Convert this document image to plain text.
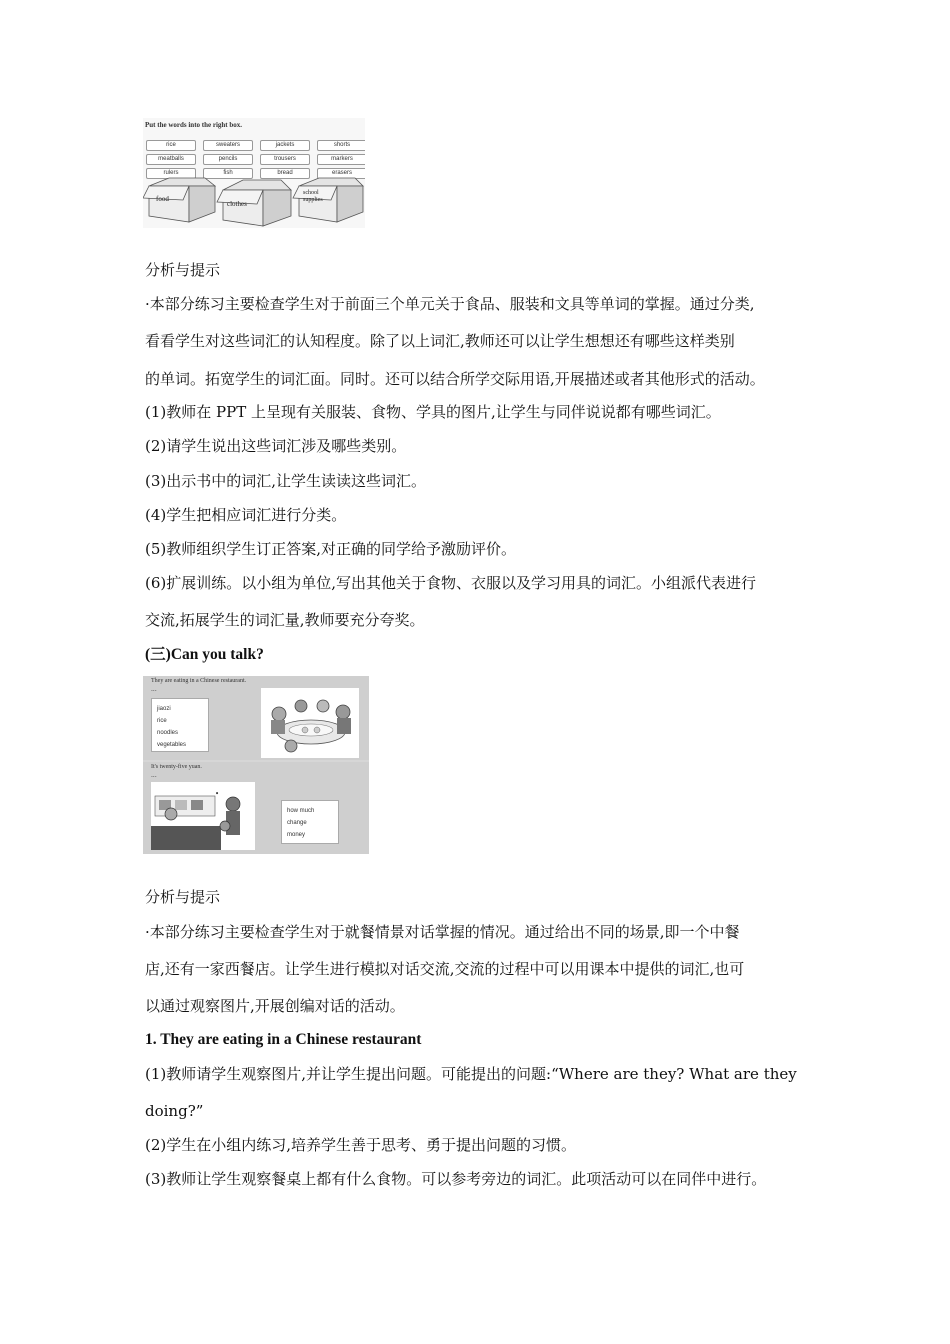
Put the words into the right box.
rice	sweaters	jackets	shorts
meatballs	pencils	trousers	markers
rulers	fish	bread	erasers
food
clothes
school
supplies
分析与提示
·本部分练习主要检查学生对于前面三个单元关于食品、服装和文具等单词的掌握。通过分类,
看看学生对这些词汇的认知程度。除了以上词汇,教师还可以让学生想想还有哪些这样类别
的单词。拓宽学生的词汇面。同时。还可以结合所学交际用语,开展描述或者其他形式的活动。
(1)教师在 PPT 上呈现有关服装、食物、学具的图片,让学生与同伴说说都有哪些词汇。
(2)请学生说出这些词汇涉及哪些类别。
(3)出示书中的词汇,让学生读读这些词汇。
(4)学生把相应词汇进行分类。
(5)教师组织学生订正答案,对正确的同学给予激励评价。
(6)扩展训练。以小组为单位,写出其他关于食物、衣服以及学习用具的词汇。小组派代表进行
交流,拓展学生的词汇量,教师要充分夸奖。
(三)Can you talk?
They are eating in a Chinese restaurant.
...
jiaozi
rice
noodles
vegetables
It's twenty-five yuan.
...
•
how much
change
money
分析与提示
·本部分练习主要检查学生对于就餐情景对话掌握的情况。通过给出不同的场景,即一个中餐
店,还有一家西餐店。让学生进行模拟对话交流,交流的过程中可以用课本中提供的词汇,也可
以通过观察图片,开展创编对话的活动。
1. They are eating in a Chinese restaurant
(1)教师请学生观察图片,并让学生提出问题。可能提出的问题:“Where are they? What are they
doing?”
(2)学生在小组内练习,培养学生善于思考、勇于提出问题的习惯。
(3)教师让学生观察餐桌上都有什么食物。可以参考旁边的词汇。此项活动可以在同伴中进行。
